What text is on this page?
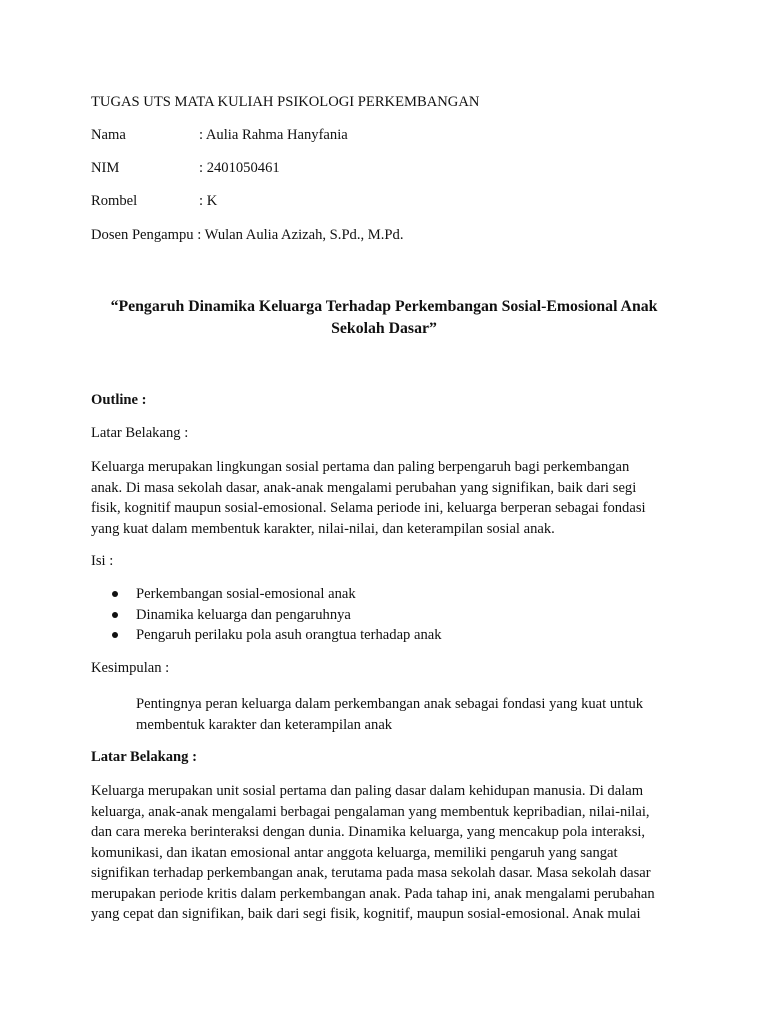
TUGAS UTS MATA KULIAH PSIKOLOGI PERKEMBANGAN
Nama	: Aulia Rahma Hanyfania
NIM	: 2401050461
Rombel	: K
Dosen Pengampu : Wulan Aulia Azizah, S.Pd., M.Pd.
“Pengaruh Dinamika Keluarga Terhadap Perkembangan Sosial-Emosional Anak
Sekolah Dasar”
Outline :
Latar Belakang :
Keluarga merupakan lingkungan sosial pertama dan paling berpengaruh bagi perkembangan
anak. Di masa sekolah dasar, anak-anak mengalami perubahan yang signifikan, baik dari segi
fisik, kognitif maupun sosial-emosional. Selama periode ini, keluarga berperan sebagai fondasi
yang kuat dalam membentuk karakter, nilai-nilai, dan keterampilan sosial anak.
Isi :
Perkembangan sosial-emosional anak
Dinamika keluarga dan pengaruhnya
Pengaruh perilaku pola asuh orangtua terhadap anak
Kesimpulan :
Pentingnya peran keluarga dalam perkembangan anak sebagai fondasi yang kuat untuk
membentuk karakter dan keterampilan anak
Latar Belakang :
Keluarga merupakan unit sosial pertama dan paling dasar dalam kehidupan manusia. Di dalam
keluarga, anak-anak mengalami berbagai pengalaman yang membentuk kepribadian, nilai-nilai,
dan cara mereka berinteraksi dengan dunia. Dinamika keluarga, yang mencakup pola interaksi,
komunikasi, dan ikatan emosional antar anggota keluarga, memiliki pengaruh yang sangat
signifikan terhadap perkembangan anak, terutama pada masa sekolah dasar. Masa sekolah dasar
merupakan periode kritis dalam perkembangan anak. Pada tahap ini, anak mengalami perubahan
yang cepat dan signifikan, baik dari segi fisik, kognitif, maupun sosial-emosional. Anak mulai
